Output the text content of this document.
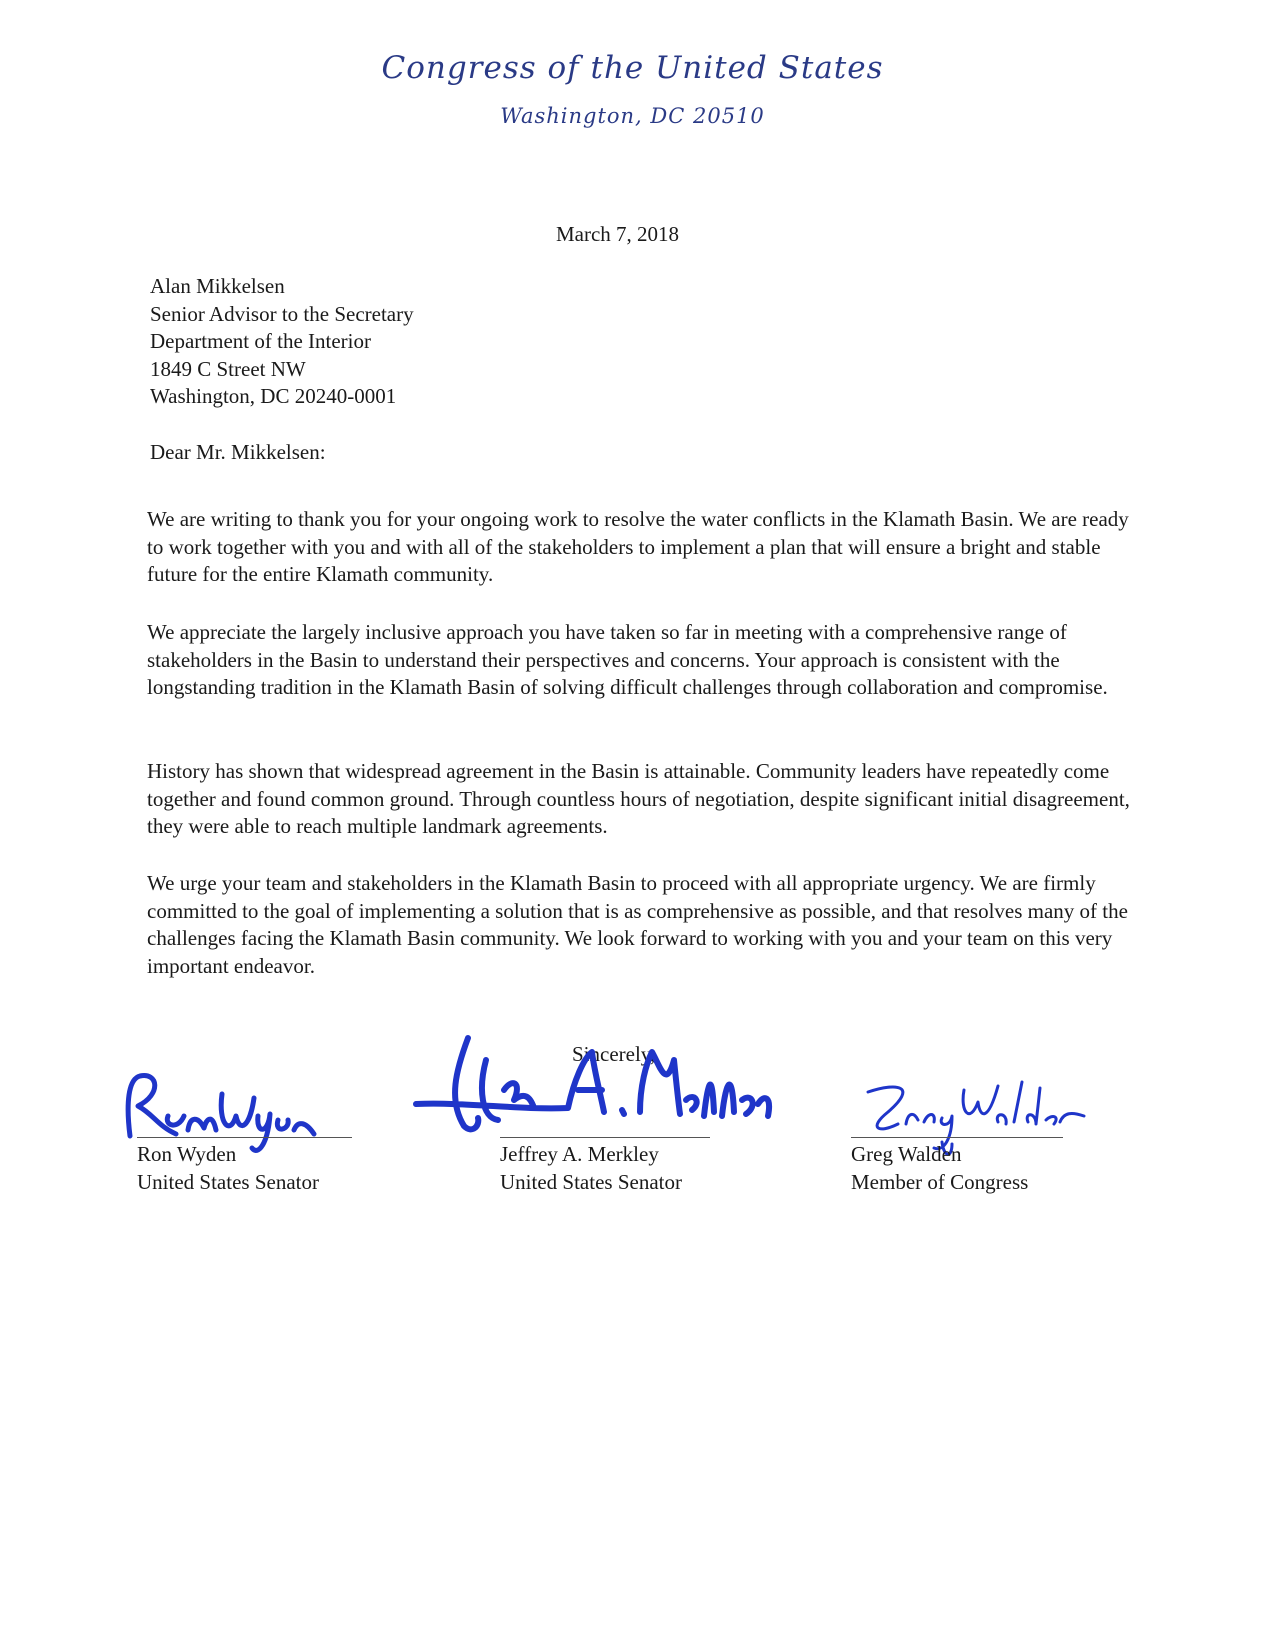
Congress of the United States
Washington, DC 20510
March 7, 2018
Alan Mikkelsen
Senior Advisor to the Secretary
Department of the Interior
1849 C Street NW
Washington, DC 20240-0001
Dear Mr. Mikkelsen:
We are writing to thank you for your ongoing work to resolve the water conflicts in the Klamath Basin. We are ready to work together with you and with all of the stakeholders to implement a plan that will ensure a bright and stable future for the entire Klamath community.
We appreciate the largely inclusive approach you have taken so far in meeting with a comprehensive range of stakeholders in the Basin to understand their perspectives and concerns. Your approach is consistent with the longstanding tradition in the Klamath Basin of solving difficult challenges through collaboration and compromise.
History has shown that widespread agreement in the Basin is attainable. Community leaders have repeatedly come together and found common ground. Through countless hours of negotiation, despite significant initial disagreement, they were able to reach multiple landmark agreements.
We urge your team and stakeholders in the Klamath Basin to proceed with all appropriate urgency. We are firmly committed to the goal of implementing a solution that is as comprehensive as possible, and that resolves many of the challenges facing the Klamath Basin community. We look forward to working with you and your team on this very important endeavor.
Sincerely,
Ron Wyden
United States Senator
Jeffrey A. Merkley
United States Senator
Greg Walden
Member of Congress
